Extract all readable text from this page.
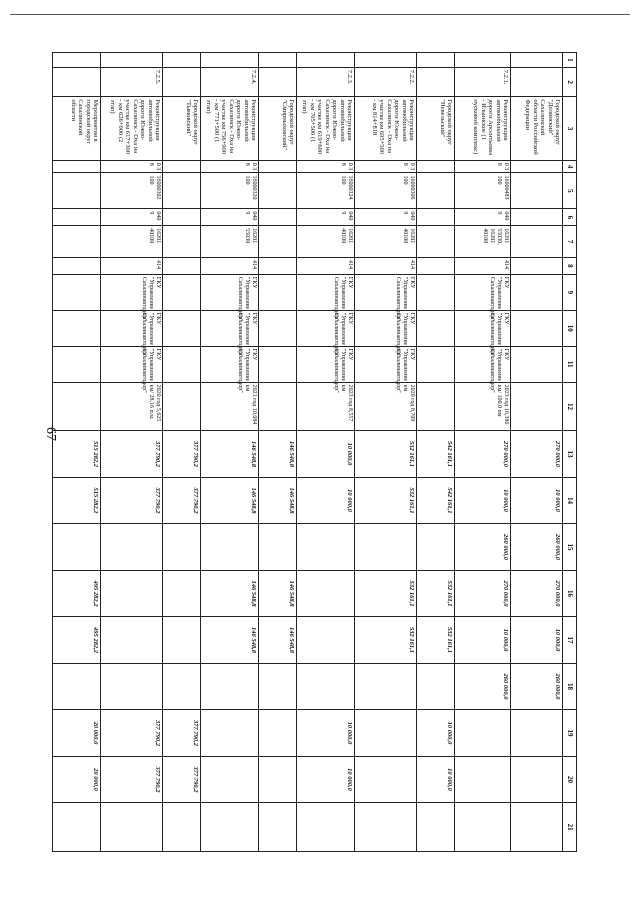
67
1	2	3	4	5	6	7	8	9	10	11	12	13	14	15	16	17	18	19	20	21
		Городской округ "Долинский" Сахалинской области Российской Федерации										270 000,0	10 000,0	260 000,0	270 000,0	10 000,0	260 000,0			
	7.2.1.	Реконструкция автомобильной дороги Арсентьевка - Ильинское (1 пусковой комплекс)	0 3 8	16000483 100	040 9	16201 55030, 16201 40100	414	ГКУ "Управление Сахалинавтодор"	ГКУ "Управление Сахалинавтодор"	ГКУ "Управление Сахалинавтодор"	2023 год 16,386 км/ 100,0 пм	270 000,0	10 000,0	260 000,0	270 000,0	10 000,0	260 000,0			
		Городской округ "Невельский"										542 161,1	542 161,1		532 161,1	532 161,1		10 000,0	10 000,0	
	7.2.2.	Реконструкция автомобильной дороги Южно-Сахалинск - Оха на участке км 695+500 - км 814+818	0 3 8	16000306 100	040 9	16201 40100	414	ГКУ "Управление Сахалинавтодор"	ГКУ "Управление Сахалинавтодор"	ГКУ "Управление Сахалинавтодор"	2020 год 8,709 км	532 161,1	532 161,1		532 161,1	532 161,1				
	7.2.3.	Реконструкция автомобильной дороги Южно-Сахалинск - Оха на участке км 619+600 - км 705+500 (1 этап)	0 3 8	16000324 100	040 9	16201 40100	414	ГКУ "Управление Сахалинавтодор"	ГКУ "Управление Сахалинавтодор"	ГКУ "Управление Сахалинавтодор"	2023 год 8,557 км	10 000,0	10 000,0					10 000,0	10 000,0	
		Городской округ "Смирныховский"										146 548,8	146 548,8		146 548,8	146 548,8				
	7.2.4.	Реконструкция автомобильной дороги Южно-Сахалинск - Оха на участке км 756+900 - км 771+500 (1 этап)	0 3 8	16000320 100	040 9	16201 55030	414	ГКУ "Управление Сахалинавтодор"	ГКУ "Управление Сахалинавтодор"	ГКУ "Управление Сахалинавтодор"	2021 год 10,084 км	146 548,8	146 548,8		146 548,8	146 548,8				
		Городской округ "Тымовский"										377 790,2	377 790,2					377 790,2	377 790,2	
	7.2.5.	Реконструкция автомобильной дороги Южно-Сахалинск - Оха на участке км 617+300 - км 626+000 (2 этап)	0 3 8	16000302 100	040 9	16201 40100	414	ГКУ "Управление Сахалинавтодор"	ГКУ "Управление Сахалинавтодор"	ГКУ "Управление Сахалинавтодор"	2020 год 5,625 км/ 28,16 п.м.	377 790,2	377 790,2					377 790,2	377 790,2	
		Мероприятия в городской округ Сахалинской области										515 282,2	515 282,2		495 282,2	495 282,2		20 000,0	20 000,0	
